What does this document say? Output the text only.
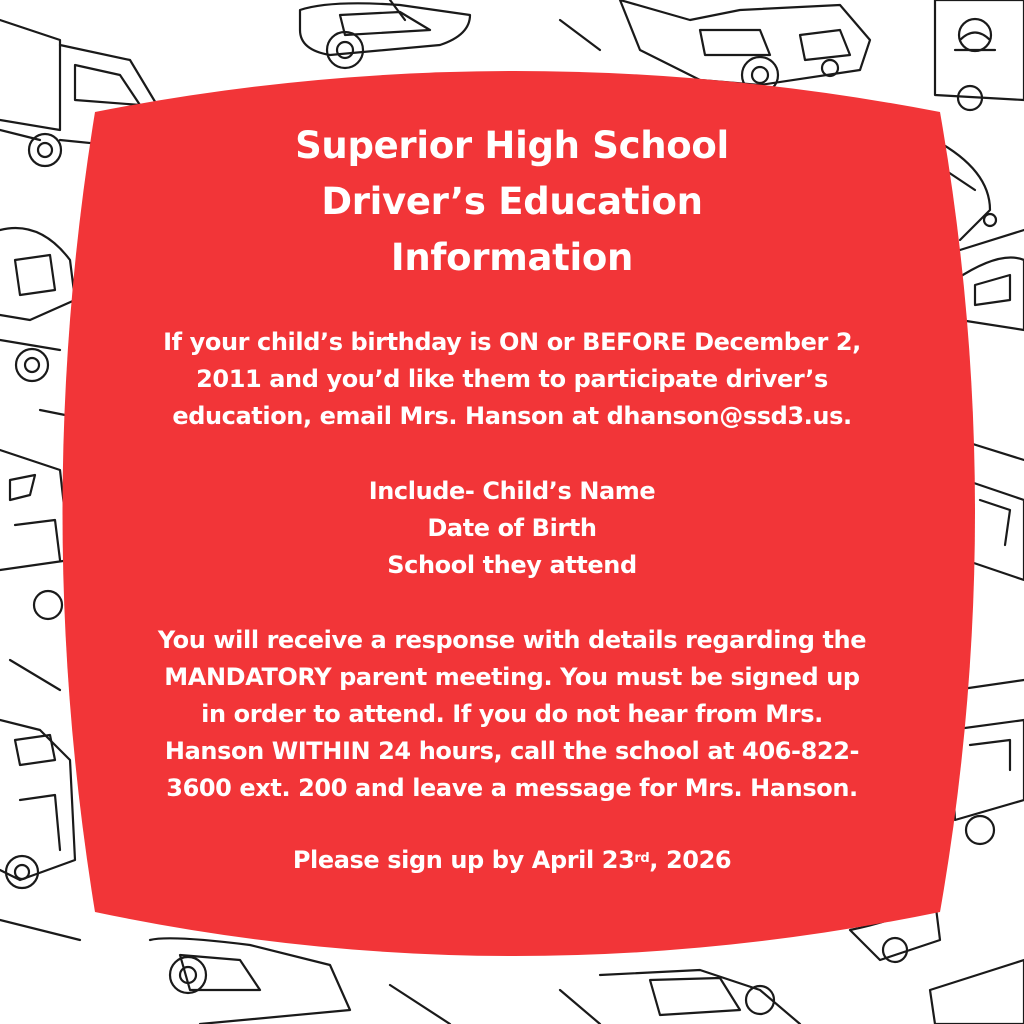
Superior High School
Driver’s Education
Information
If your child’s birthday is ON or BEFORE December 2,
2011 and you’d like them to participate driver’s
education, email Mrs. Hanson at dhanson@ssd3.us.
Include- Child’s Name
Date of Birth
School they attend
You will receive a response with details regarding the
MANDATORY parent meeting. You must be signed up
in order to attend. If you do not hear from Mrs.
Hanson WITHIN 24 hours, call the school at 406-822-
3600 ext. 200 and leave a message for Mrs. Hanson.
Please sign up by April 23rd, 2026
